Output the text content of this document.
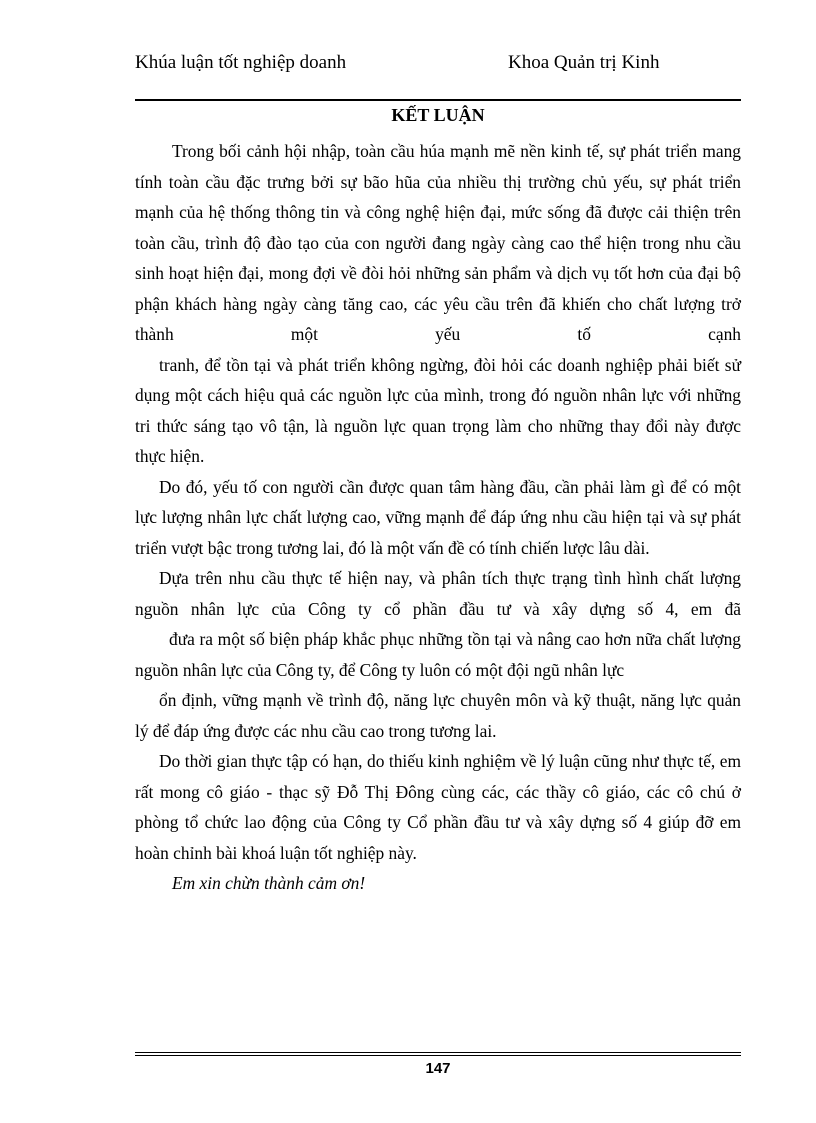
Khúa luận tốt nghiệp doanh	Khoa Quản trị Kinh
KẾT LUẬN

Trong bối cảnh hội nhập, toàn cầu húa mạnh mẽ nền kinh tế, sự phát triển mang tính toàn cầu đặc trưng bởi sự bão hũa của nhiều thị trường chủ yếu, sự phát triển mạnh của hệ thống thông tin và công nghệ hiện đại, mức sống đã được cải thiện trên toàn cầu, trình độ đào tạo của con người đang ngày càng cao thể hiện trong nhu cầu sinh hoạt hiện đại, mong đợi về đòi hỏi những sản phẩm và dịch vụ tốt hơn của đại bộ phận khách hàng ngày càng tăng cao, các yêu cầu trên đã khiến cho chất lượng trở thành một yếu tố cạnh

tranh, để tồn tại và phát triển không ngừng, đòi hỏi các doanh nghiệp phải biết sử dụng một cách hiệu quả các nguồn lực của mình, trong đó nguồn nhân lực với những tri thức sáng tạo vô tận, là nguồn lực quan trọng làm cho những thay đổi này được thực hiện.

Do đó, yếu tố con người cần được quan tâm hàng đầu, cần phải làm gì để có một lực lượng nhân lực chất lượng cao, vững mạnh để đáp ứng nhu cầu hiện tại và sự phát triển vượt bậc trong tương lai, đó là một vấn đề có tính chiến lược lâu dài.

Dựa trên nhu cầu thực tế hiện nay, và phân tích thực trạng tình hình chất lượng nguồn nhân lực của Công ty cổ phần đầu tư và xây dựng số 4, em đã

đưa ra một số biện pháp khắc phục những tồn tại và nâng cao hơn nữa chất lượng nguồn nhân lực của Công ty, để Công ty luôn có một đội ngũ nhân lực

ổn định, vững mạnh về trình độ, năng lực chuyên môn và kỹ thuật, năng lực quản lý để đáp ứng được các nhu cầu cao trong tương lai.

Do thời gian thực tập có hạn, do thiếu kinh nghiệm về lý luận cũng như thực tế, em rất mong cô giáo - thạc sỹ Đỗ Thị Đông cùng các, các thầy cô giáo, các cô chú ở phòng tổ chức lao động của Công ty Cổ phần đầu tư và xây dựng số 4 giúp đỡ em hoàn chỉnh bài khoá luận tốt nghiệp này.

Em xin chừn thành cảm ơn!

147
